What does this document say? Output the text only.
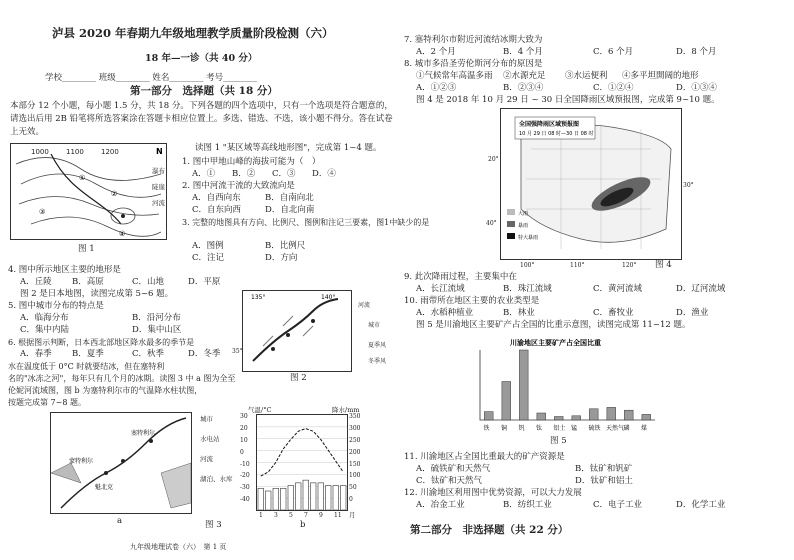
泸县 2020 年春期九年级地理教学质量阶段检测（六）
18 年—一诊（共 40 分）
学校________ 班级________ 姓名________ 考号________
第一部分　选择题（共 18 分）
本部分 12 个小题，每小题 1.5 分，共 18 分。下列各题的四个选项中，只有一个选项是符合题意的，
请选出后用 2B 铅笔将所选答案涂在答题卡相应位置上。多选、错选、不选，该小题不得分。答在试卷
上无效。
1000 1100 1200	N
①
②
③
④
瀑布
陡崖
河流
图 1
读图 1 "某区域等高线地形图"，完成第 1~4 题。
1. 图中甲地山峰的海拔可能为（　）
A．① B．② C．③ D．④
2. 图中河流干流的大致流向是
A．自西向东	B．自南向北
C．自东向西	D．自北向南
3. 完整的地图具有方向、比例尺、图例和注记三要素，图1中缺少的是
A．图例	B．比例尺
C．注记	D．方向
4. 图中所示地区主要的地形是
A．丘陵 B．高原	C．山地	D．平原
图 2 是日本地图，读图完成第 5~6 题。
5. 图中城市分布的特点是
A．临海分布	B．沿河分布
C．集中内陆	D．集中山区
6. 根据图示判断，日本西北部地区降水最多的季节是
A．春季 B．夏季	C．秋季	D．冬季
水在温度低于 0°C 时就要结冰，但在塞特利
名的"冰冻之河"，每年只有几个月的冰期。读图 3 中 a 图为全至
伦妮河流域图，图 b 为塞特利尔市的气温降水柱状图，
按题完成第 7~8 题。
135°	140°
35°
河流
城市
夏季风
冬季风
图 2
蒙特利尔
魁北克
塞特利尔
城市
水电站
河流
湖泊、水库
a
气温/°C	降水/mm
月
b
图 3
九年级地理试卷（六）　第 1 页
7. 塞特利尔市附近河流结冰期大致为
A．2 个月	B．4 个月	C．6 个月	D．8 个月
8. 城市多沿圣劳伦斯河分布的原因是
①气候常年高温多雨 ②水源充足 ③水运便利 ④多平坦開阔的地形
A．①②③	B．②③④	C．①②④	D．①③④
图 4 是 2018 年 10 月 29 日 ~ 30 日全国降雨区域预报图，完成第 9~10 题。
全国强降雨区域预报图
10 月 29 日 08 时—30 日 08 时
大雨
暴雨
特大暴雨
20°
40°
30°
100°	110°	120° 图 4
9. 此次降雨过程，主要集中在
A．长江流域	B．珠江流域	C．黄河流域	D．辽河流域
10. 雨带所在地区主要的农业类型是
A．水稻种植业	B．林业	C．畜牧业	D．渔业
图 5 是川渝地区主要矿产占全国的比重示意图，读图完成第 11~12 题。
川渝地区主要矿产占全国比重
铁 铜 钒 钛 铝土 锰 硫铁 天然气 磷 煤
图 5
11. 川渝地区占全国比重最大的矿产资源是
A．硫铁矿和天然气	B．钛矿和钒矿
C．钛矿和天然气	D．钛矿和铝土
12. 川渝地区利用图中优势资源，可以大力发展
A．冶金工业	B．纺织工业	C．电子工业	D．化学工业
第二部分　非选择题（共 22 分）
30
20
10
0
-10
-20
-30
-40
350
300
250
200
150
100
50
0
1 3 5 7 9 11
